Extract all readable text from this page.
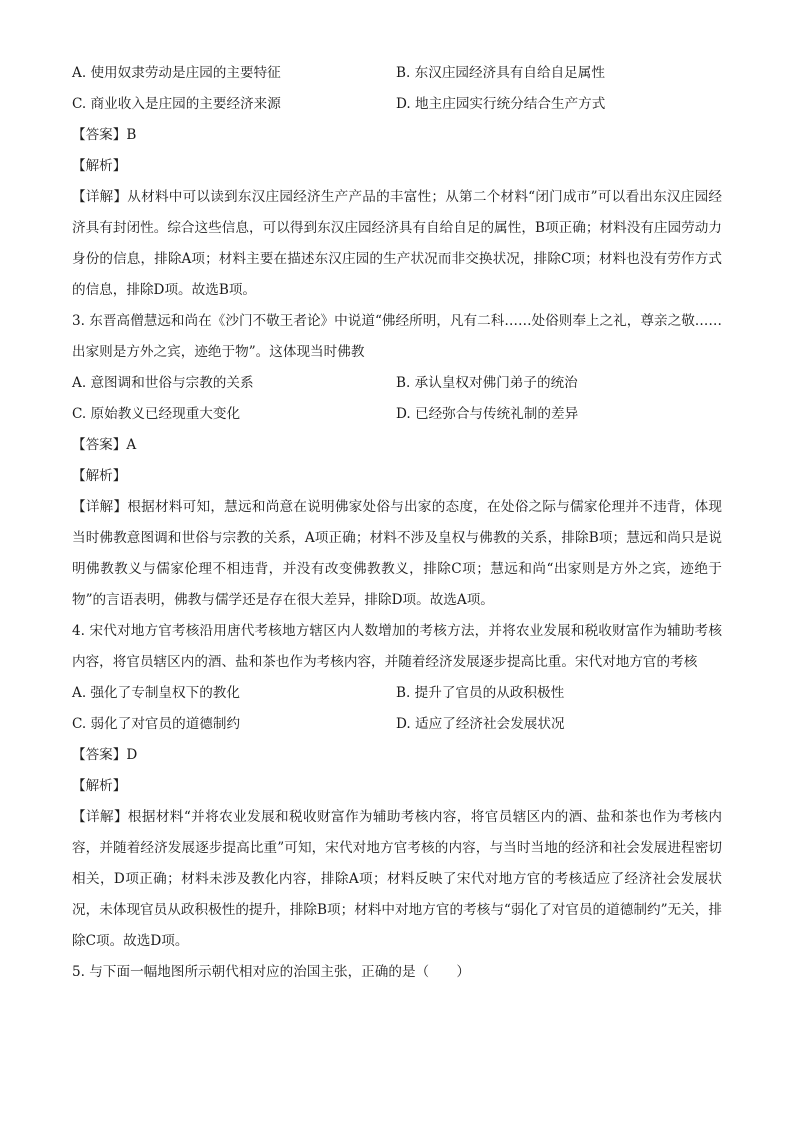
A. 使用奴隶劳动是庄园的主要特征	B. 东汉庄园经济具有自给自足属性
C. 商业收入是庄园的主要经济来源	D. 地主庄园实行统分结合生产方式
【答案】B
【解析】
【详解】从材料中可以读到东汉庄园经济生产产品的丰富性；从第二个材料“闭门成市”可以看出东汉庄园经济具有封闭性。综合这些信息，可以得到东汉庄园经济具有自给自足的属性，B项正确；材料没有庄园劳动力身份的信息，排除A项；材料主要在描述东汉庄园的生产状况而非交换状况，排除C项；材料也没有劳作方式的信息，排除D项。故选B项。
3. 东晋高僧慧远和尚在《沙门不敬王者论》中说道“佛经所明，凡有二科……处俗则奉上之礼，尊亲之敬……出家则是方外之宾，迹绝于物”。这体现当时佛教
A. 意图调和世俗与宗教的关系	B. 承认皇权对佛门弟子的统治
C. 原始教义已经现重大变化	D. 已经弥合与传统礼制的差异
【答案】A
【解析】
【详解】根据材料可知，慧远和尚意在说明佛家处俗与出家的态度，在处俗之际与儒家伦理并不违背，体现当时佛教意图调和世俗与宗教的关系，A项正确；材料不涉及皇权与佛教的关系，排除B项；慧远和尚只是说明佛教教义与儒家伦理不相违背，并没有改变佛教教义，排除C项；慧远和尚“出家则是方外之宾，迹绝于物”的言语表明，佛教与儒学还是存在很大差异，排除D项。故选A项。
4. 宋代对地方官考核沿用唐代考核地方辖区内人数增加的考核方法，并将农业发展和税收财富作为辅助考核内容，将官员辖区内的酒、盐和茶也作为考核内容，并随着经济发展逐步提高比重。宋代对地方官的考核
A. 强化了专制皇权下的教化	B. 提升了官员的从政积极性
C. 弱化了对官员的道德制约	D. 适应了经济社会发展状况
【答案】D
【解析】
【详解】根据材料“并将农业发展和税收财富作为辅助考核内容，将官员辖区内的酒、盐和茶也作为考核内容，并随着经济发展逐步提高比重”可知，宋代对地方官考核的内容，与当时当地的经济和社会发展进程密切相关，D项正确；材料未涉及教化内容，排除A项；材料反映了宋代对地方官的考核适应了经济社会发展状况，未体现官员从政积极性的提升，排除B项；材料中对地方官的考核与“弱化了对官员的道德制约”无关，排除C项。故选D项。
5. 与下面一幅地图所示朝代相对应的治国主张，正确的是（　　）
